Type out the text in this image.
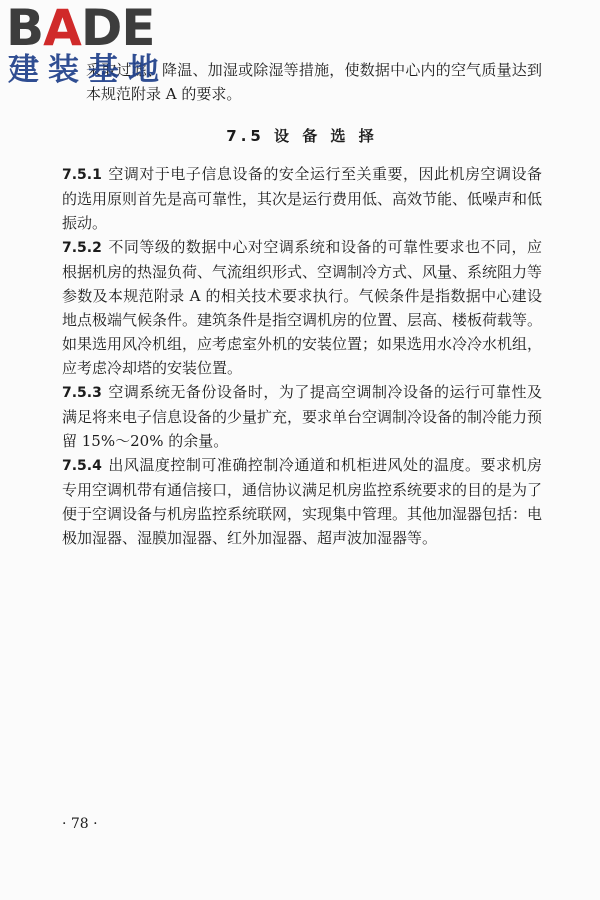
BADE
建装基地

采取过滤、降温、加湿或除湿等措施，使数据中心内的空气质量达到本规范附录 A 的要求。

7.5 设 备 选 择

7.5.1 空调对于电子信息设备的安全运行至关重要，因此机房空调设备的选用原则首先是高可靠性，其次是运行费用低、高效节能、低噪声和低振动。

7.5.2 不同等级的数据中心对空调系统和设备的可靠性要求也不同，应根据机房的热湿负荷、气流组织形式、空调制冷方式、风量、系统阻力等参数及本规范附录 A 的相关技术要求执行。气候条件是指数据中心建设地点极端气候条件。建筑条件是指空调机房的位置、层高、楼板荷载等。如果选用风冷机组，应考虑室外机的安装位置；如果选用水冷冷水机组，应考虑冷却塔的安装位置。

7.5.3 空调系统无备份设备时，为了提高空调制冷设备的运行可靠性及满足将来电子信息设备的少量扩充，要求单台空调制冷设备的制冷能力预留 15%～20% 的余量。

7.5.4 出风温度控制可准确控制冷通道和机柜进风处的温度。要求机房专用空调机带有通信接口，通信协议满足机房监控系统要求的目的是为了便于空调设备与机房监控系统联网，实现集中管理。其他加湿器包括：电极加湿器、湿膜加湿器、红外加湿器、超声波加湿器等。

· 78 ·
